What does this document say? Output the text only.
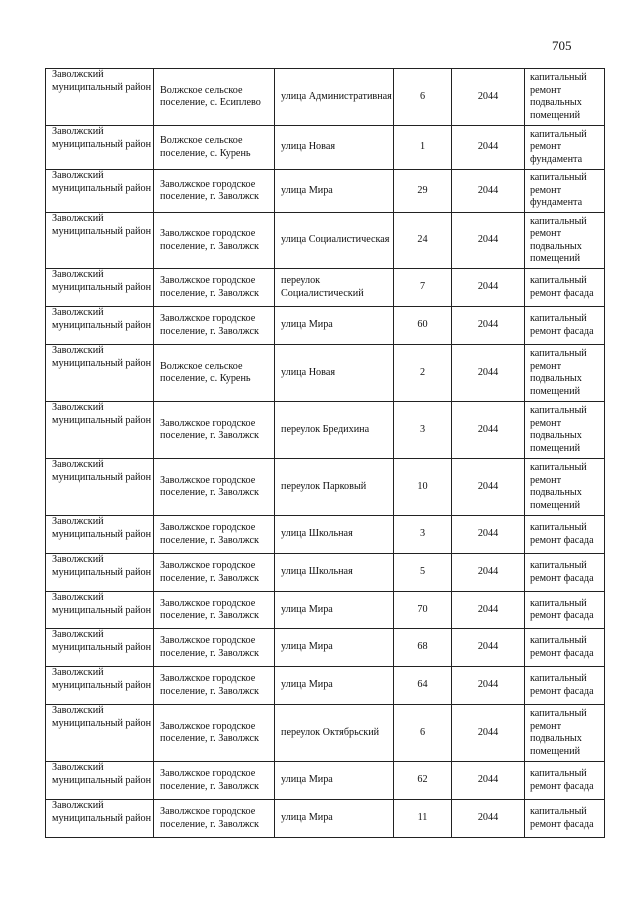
705
Заволжский муниципальный район	Волжское сельское поселение, с. Есиплево	улица Административная	6	2044	капитальный ремонт подвальных помещений
Заволжский муниципальный район	Волжское сельское поселение, с. Курень	улица Новая	1	2044	капитальный ремонт фундамента
Заволжский муниципальный район	Заволжское городское поселение, г. Заволжск	улица Мира	29	2044	капитальный ремонт фундамента
Заволжский муниципальный район	Заволжское городское поселение, г. Заволжск	улица Социалистическая	24	2044	капитальный ремонт подвальных помещений
Заволжский муниципальный район	Заволжское городское поселение, г. Заволжск	переулок Социалистический	7	2044	капитальный ремонт фасада
Заволжский муниципальный район	Заволжское городское поселение, г. Заволжск	улица Мира	60	2044	капитальный ремонт фасада
Заволжский муниципальный район	Волжское сельское поселение, с. Курень	улица Новая	2	2044	капитальный ремонт подвальных помещений
Заволжский муниципальный район	Заволжское городское поселение, г. Заволжск	переулок Бредихина	3	2044	капитальный ремонт подвальных помещений
Заволжский муниципальный район	Заволжское городское поселение, г. Заволжск	переулок Парковый	10	2044	капитальный ремонт подвальных помещений
Заволжский муниципальный район	Заволжское городское поселение, г. Заволжск	улица Школьная	3	2044	капитальный ремонт фасада
Заволжский муниципальный район	Заволжское городское поселение, г. Заволжск	улица Школьная	5	2044	капитальный ремонт фасада
Заволжский муниципальный район	Заволжское городское поселение, г. Заволжск	улица Мира	70	2044	капитальный ремонт фасада
Заволжский муниципальный район	Заволжское городское поселение, г. Заволжск	улица Мира	68	2044	капитальный ремонт фасада
Заволжский муниципальный район	Заволжское городское поселение, г. Заволжск	улица Мира	64	2044	капитальный ремонт фасада
Заволжский муниципальный район	Заволжское городское поселение, г. Заволжск	переулок Октябрьский	6	2044	капитальный ремонт подвальных помещений
Заволжский муниципальный район	Заволжское городское поселение, г. Заволжск	улица Мира	62	2044	капитальный ремонт фасада
Заволжский муниципальный район	Заволжское городское поселение, г. Заволжск	улица Мира	11	2044	капитальный ремонт фасада
